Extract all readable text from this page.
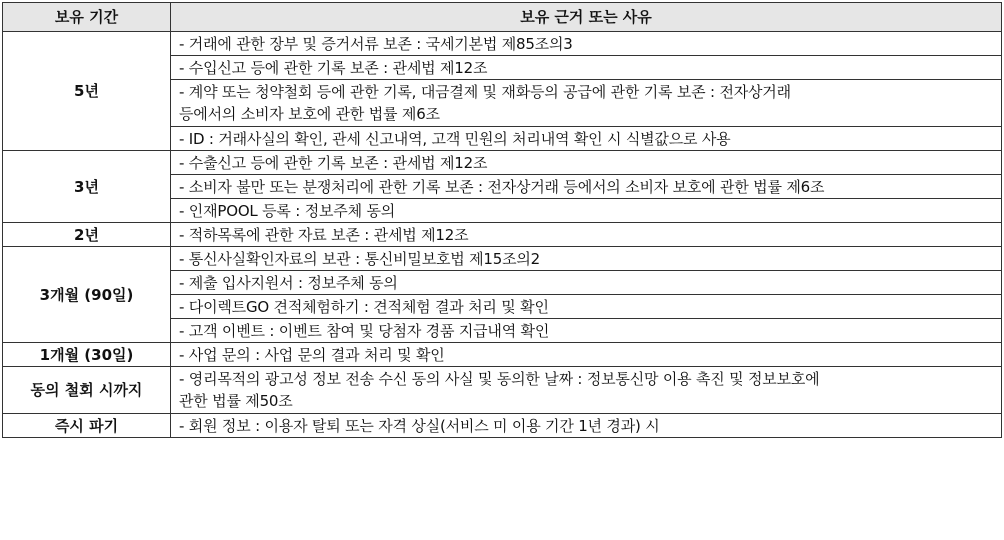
보유 기간	보유 근거 또는 사유
5년	- 거래에 관한 장부 및 증거서류 보존 : 국세기본법 제85조의3

	- 수입신고 등에 관한 기록 보존 : 관세법 제12조

	- 계약 또는 청약철회 등에 관한 기록, 대금결제 및 재화등의 공급에 관한 기록 보존 : 전자상거래
등에서의 소비자 보호에 관한 법률 제6조

	- ID : 거래사실의 확인, 관세 신고내역, 고객 민원의 처리내역 확인 시 식별값으로 사용

3년	- 수출신고 등에 관한 기록 보존 : 관세법 제12조

	- 소비자 불만 또는 분쟁처리에 관한 기록 보존 : 전자상거래 등에서의 소비자 보호에 관한 법률 제6조

	- 인재POOL 등록 : 정보주체 동의

2년	- 적하목록에 관한 자료 보존 : 관세법 제12조

3개월 (90일)	- 통신사실확인자료의 보관 : 통신비밀보호법 제15조의2

	- 제출 입사지원서 : 정보주체 동의

	- 다이렉트GO 견적체험하기 : 견적체험 결과 처리 및 확인

	- 고객 이벤트 : 이벤트 참여 및 당첨자 경품 지급내역 확인

1개월 (30일)	- 사업 문의 : 사업 문의 결과 처리 및 확인

동의 철회 시까지	- 영리목적의 광고성 정보 전송 수신 동의 사실 및 동의한 날짜 : 정보통신망 이용 촉진 및 정보보호에
관한 법률 제50조

즉시 파기	- 회원 정보 : 이용자 탈퇴 또는 자격 상실(서비스 미 이용 기간 1년 경과) 시
